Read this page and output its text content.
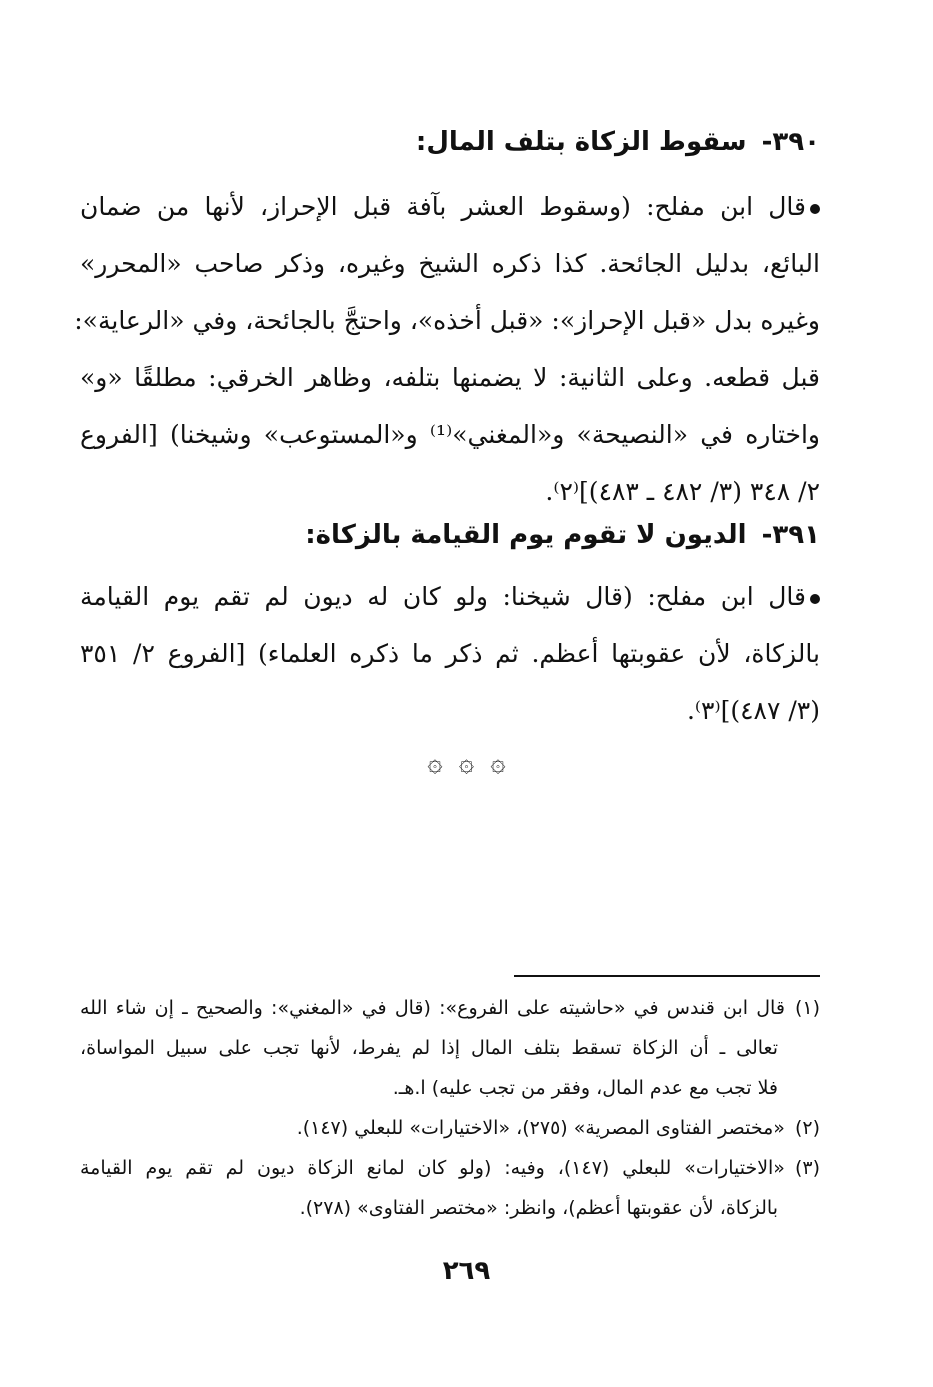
٣٩٠- سقوط الزكاة بتلف المال:
قال ابن مفلح: (وسقوط العشر بآفة قبل الإحراز، لأنها من ضمان
البائع، بدليل الجائحة. كذا ذكره الشيخ وغيره، وذكر صاحب «المحرر»
وغيره بدل «قبل الإحراز»: «قبل أخذه»، واحتجَّ بالجائحة، وفي «الرعاية»:
قبل قطعه. وعلى الثانية: لا يضمنها بتلفه، وظاهر الخرقي: مطلقًا «و»
واختاره في «النصيحة» و«المغني»⁽¹⁾ و«المستوعب» وشيخنا) [الفروع
٢/ ٣٤٨ (٣/ ٤٨٢ ـ ٤٨٣)]⁽٢⁾.
٣٩١- الديون لا تقوم يوم القيامة بالزكاة:
قال ابن مفلح: (قال شيخنا: ولو كان له ديون لم تقم يوم القيامة
بالزكاة، لأن عقوبتها أعظم. ثم ذكر ما ذكره العلماء) [الفروع ٢/ ٣٥١
(٣/ ٤٨٧)]⁽٣⁾.
۞ ۞ ۞
(١)قال ابن قندس في «حاشيته على الفروع»: (قال في «المغني»: والصحيح ـ إن شاء الله
تعالى ـ أن الزكاة تسقط بتلف المال إذا لم يفرط، لأنها تجب على سبيل المواساة،
فلا تجب مع عدم المال، وفقر من تجب عليه) ا.هـ.
(٢)«مختصر الفتاوى المصرية» (٢٧٥)، «الاختيارات» للبعلي (١٤٧).
(٣)«الاختيارات» للبعلي (١٤٧)، وفيه: (ولو كان لمانع الزكاة ديون لم تقم يوم القيامة
بالزكاة، لأن عقوبتها أعظم)، وانظر: «مختصر الفتاوى» (٢٧٨).
٢٦٩
